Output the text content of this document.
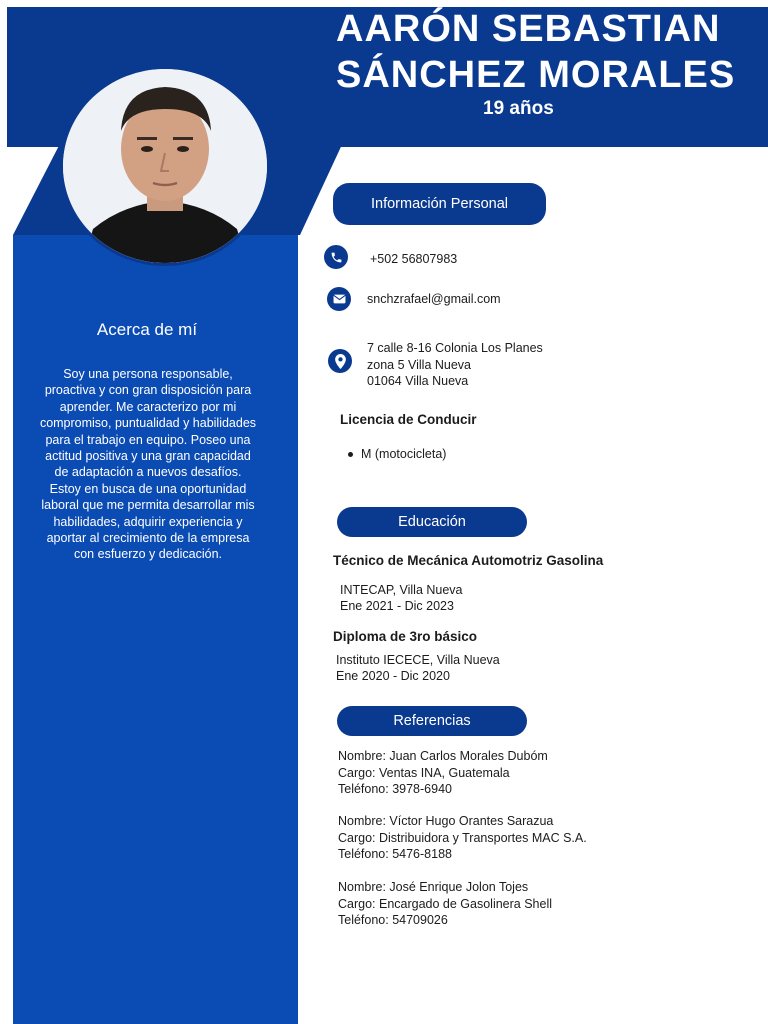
AARÓN SEBASTIAN
SÁNCHEZ MORALES
19 años
Acerca de mí
Soy una persona responsable, proactiva y con gran disposición para aprender. Me caracterizo por mi compromiso, puntualidad y habilidades para el trabajo en equipo. Poseo una actitud positiva y una gran capacidad de adaptación a nuevos desafíos. Estoy en busca de una oportunidad laboral que me permita desarrollar mis habilidades, adquirir experiencia y aportar al crecimiento de la empresa con esfuerzo y dedicación.
Información Personal
+502 56807983
snchzrafael@gmail.com
7 calle 8-16 Colonia Los Planes
zona 5 Villa Nueva
01064 Villa Nueva
Licencia de Conducir
M (motocicleta)
Educación
Técnico de Mecánica Automotriz Gasolina
INTECAP, Villa Nueva
Ene 2021 - Dic 2023
Diploma de 3ro básico
Instituto IECECE, Villa Nueva
Ene 2020 - Dic 2020
Referencias
Nombre: Juan Carlos Morales Dubóm
Cargo: Ventas INA, Guatemala
Teléfono: 3978-6940
Nombre: Víctor Hugo Orantes Sarazua
Cargo: Distribuidora y Transportes MAC S.A.
Teléfono: 5476-8188
Nombre: José Enrique Jolon Tojes
Cargo: Encargado de Gasolinera Shell
Teléfono: 54709026
